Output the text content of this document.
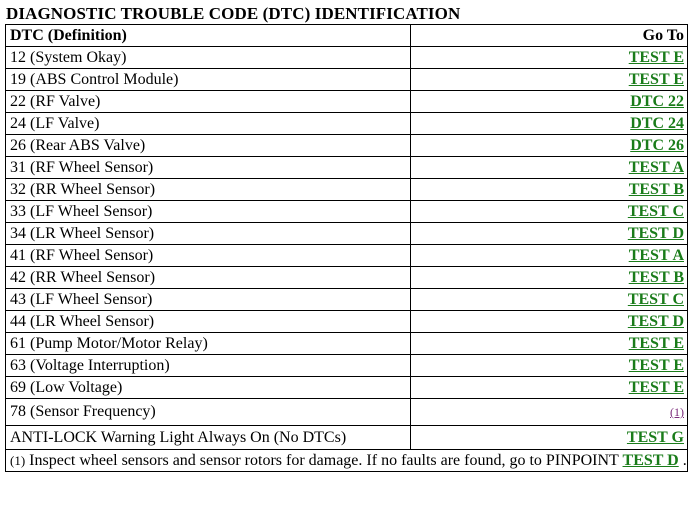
DIAGNOSTIC TROUBLE CODE (DTC) IDENTIFICATION
DTC (Definition)	Go To
12 (System Okay)	TEST E
19 (ABS Control Module)	TEST E
22 (RF Valve)	DTC 22
24 (LF Valve)	DTC 24
26 (Rear ABS Valve)	DTC 26
31 (RF Wheel Sensor)	TEST A
32 (RR Wheel Sensor)	TEST B
33 (LF Wheel Sensor)	TEST C
34 (LR Wheel Sensor)	TEST D
41 (RF Wheel Sensor)	TEST A
42 (RR Wheel Sensor)	TEST B
43 (LF Wheel Sensor)	TEST C
44 (LR Wheel Sensor)	TEST D
61 (Pump Motor/Motor Relay)	TEST E
63 (Voltage Interruption)	TEST E
69 (Low Voltage)	TEST E
78 (Sensor Frequency)	(1)
ANTI-LOCK Warning Light Always On (No DTCs)	TEST G
(1) Inspect wheel sensors and sensor rotors for damage. If no faults are found, go to PINPOINT TEST D .	
